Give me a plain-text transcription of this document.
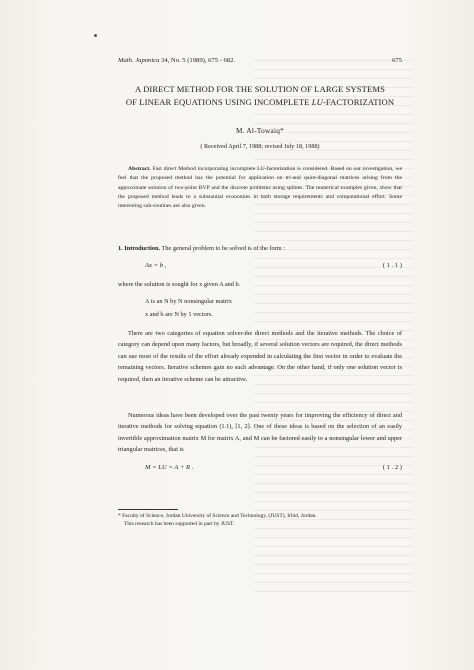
Math. Japonica 34, No. 5 (1989), 675 - 682.	675
A DIRECT METHOD FOR THE SOLUTION OF LARGE SYSTEMS
OF LINEAR EQUATIONS USING INCOMPLETE LU-FACTORIZATION
M. Al-Towaiq*
( Received April 7, 1988; revised July 18, 1988)
Abstract. Fast direct Method incorporating incomplete LU-factorization is considered. Based on our investigation, we feel that the proposed method has the potential for application on tri-and quint-diagonal matrices arising from the approximate solution of two-point BVP and the discrete problems using splines. The numerical examples given, show that the proposed method leads to a substantial economies in both storage requirements and computational effort. Some interesting sub-routines are also given.
1. Introduction. The general problem to be solved is of the form :
Ax = b ,	( 1 . 1 )
where the solution is sought for x given A and b.
A is an N by N nonsingular matrix
x and b are N by 1 vectors.
There are two categories of equation solver-the direct methods and the iterative methods. The choice of category can depend upon many factors, but broadly, if several solution vectors are required, the direct methods can use most of the results of the effort already expended in calculating the first vector in order to evaluate the remaining vectors. Iterative schemes gain no such advantage. On the other hand, if only one solution vector is required, then an iterative scheme can be attractive.
Numerous ideas have been developed over the past twenty years for improving the efficiency of direct and iterative methods for solving equation (1.1), [1, 2]. One of these ideas is based on the selection of an easily invertible approximation matrix M for matrix A, and M can be factored easily to a nonsingular lower and upper triangular matrices, that is
M = LU = A + R .	( 1 . 2 )

* Faculty of Science, Jordan University of Science and Technology, (JUST), Irbid, Jordan.

This research has been supported in part by JUST.
